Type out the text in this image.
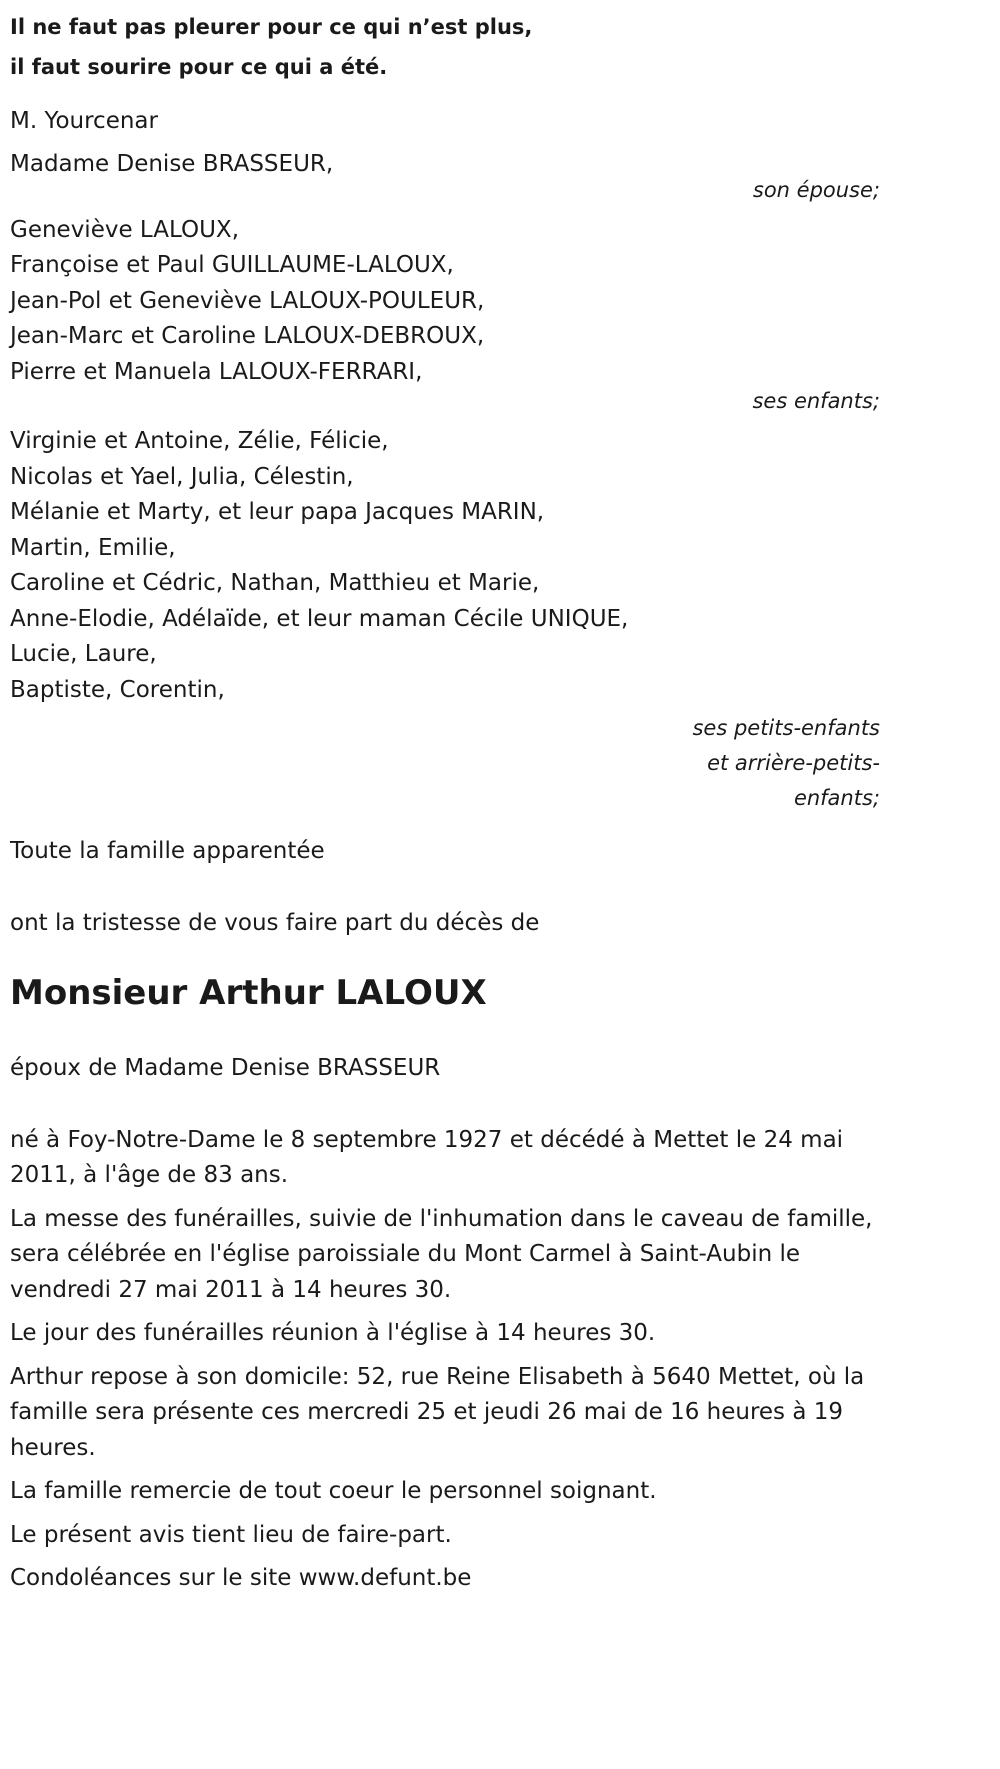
Il ne faut pas pleurer pour ce qui n’est plus,
il faut sourire pour ce qui a été.
M. Yourcenar
Madame Denise BRASSEUR,
son épouse;
Geneviève LALOUX,
Françoise et Paul GUILLAUME-LALOUX,
Jean-Pol et Geneviève LALOUX-POULEUR,
Jean-Marc et Caroline LALOUX-DEBROUX,
Pierre et Manuela LALOUX-FERRARI,
ses enfants;
Virginie et Antoine, Zélie, Félicie,
Nicolas et Yael, Julia, Célestin,
Mélanie et Marty, et leur papa Jacques MARIN,
Martin, Emilie,
Caroline et Cédric, Nathan, Matthieu et Marie,
Anne-Elodie, Adélaïde, et leur maman Cécile UNIQUE,
Lucie, Laure,
Baptiste, Corentin,
ses petits-enfants et arrière-petits-enfants;
Toute la famille apparentée
ont la tristesse de vous faire part du décès de
Monsieur Arthur LALOUX
époux de Madame Denise BRASSEUR
né à Foy-Notre-Dame le 8 septembre 1927 et décédé à Mettet le 24 mai 2011, à l'âge de 83 ans.
La messe des funérailles, suivie de l'inhumation dans le caveau de famille, sera célébrée en l'église paroissiale du Mont Carmel à Saint-Aubin le vendredi 27 mai 2011 à 14 heures 30.
Le jour des funérailles réunion à l'église à 14 heures 30.
Arthur repose à son domicile: 52, rue Reine Elisabeth à 5640 Mettet, où la famille sera présente ces mercredi 25 et jeudi 26 mai de 16 heures à 19 heures.
La famille remercie de tout coeur le personnel soignant.
Le présent avis tient lieu de faire-part.
Condoléances sur le site www.defunt.be
